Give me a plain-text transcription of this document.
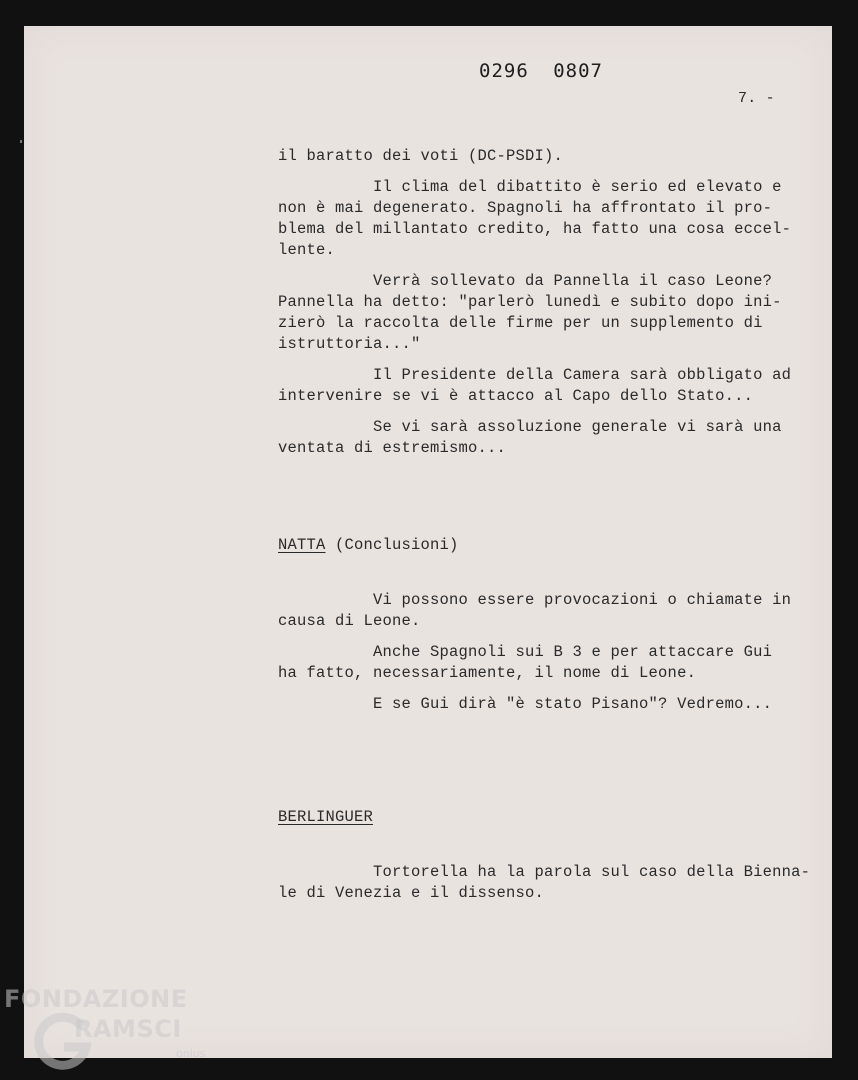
0296 0807
7. -

il baratto dei voti (DC-PSDI).

Il clima del dibattito è serio ed elevato e
non è mai degenerato. Spagnoli ha affrontato il pro-
blema del millantato credito, ha fatto una cosa eccel-
lente.

Verrà sollevato da Pannella il caso Leone?
Pannella ha detto: "parlerò lunedì e subito dopo ini-
zierò la raccolta delle firme per un supplemento di
istruttoria..."

Il Presidente della Camera sarà obbligato ad
intervenire se vi è attacco al Capo dello Stato...

Se vi sarà assoluzione generale vi sarà una
ventata di estremismo...

NATTA (Conclusioni)

Vi possono essere provocazioni o chiamate in
causa di Leone.

Anche Spagnoli sui B 3 e per attaccare Gui
ha fatto, necessariamente, il nome di Leone.

E se Gui dirà "è stato Pisano"? Vedremo...

BERLINGUER

Tortorella ha la parola sul caso della Bienna-
le di Venezia e il dissenso.

FONDAZIONE
RAMSCI
onlus
